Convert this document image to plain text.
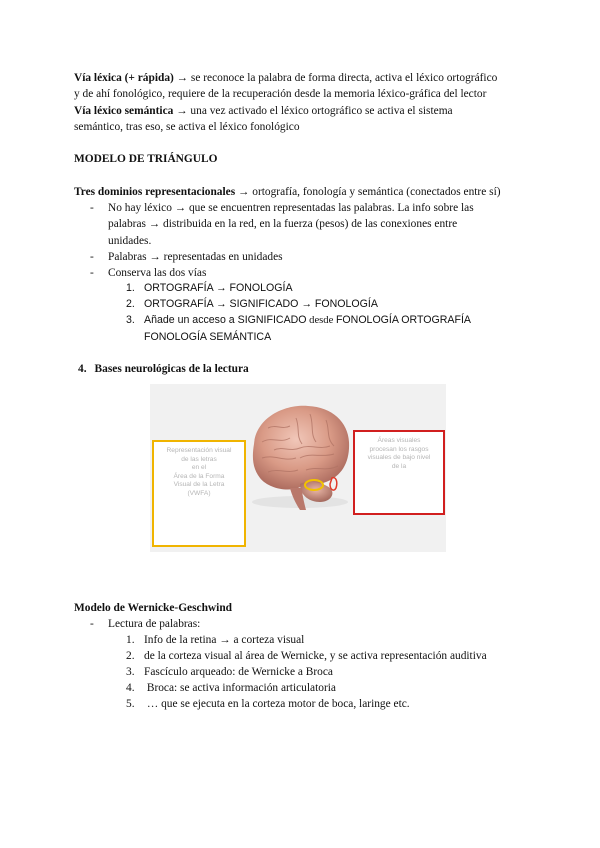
Vía léxica (+ rápida) → se reconoce la palabra de forma directa, activa el léxico ortográfico
y de ahí fonológico, requiere de la recuperación desde la memoria léxico-gráfica del lector
Vía léxico semántica → una vez activado el léxico ortográfico se activa el sistema
semántico, tras eso, se activa el léxico fonológico
MODELO DE TRIÁNGULO
Tres dominios representacionales → ortografía, fonología y semántica (conectados entre sí)
- No hay léxico → que se encuentren representadas las palabras. La info sobre las
palabras → distribuida en la red, en la fuerza (pesos) de las conexiones entre
unidades.
- Palabras → representadas en unidades
- Conserva las dos vías
1. ORTOGRAFÍA → FONOLOGÍA
2. ORTOGRAFÍA → SIGNIFICADO → FONOLOGÍA
3. Añade un acceso a SIGNIFICADO desde FONOLOGÍA ORTOGRAFÍA
FONOLOGÍA SEMÁNTICA
4. Bases neurológicas de la lectura
Representación visual
de las letras
en el
Área de la Forma
Visual de la Letra
(VWFA)
Áreas visuales
procesan los rasgos
visuales de bajo nivel
de la
Modelo de Wernicke-Geschwind
- Lectura de palabras:
1. Info de la retina → a corteza visual
2. de la corteza visual al área de Wernicke, y se activa representación auditiva
3. Fascículo arqueado: de Wernicke a Broca
4. Broca: se activa información articulatoria
5. … que se ejecuta en la corteza motor de boca, laringe etc.
